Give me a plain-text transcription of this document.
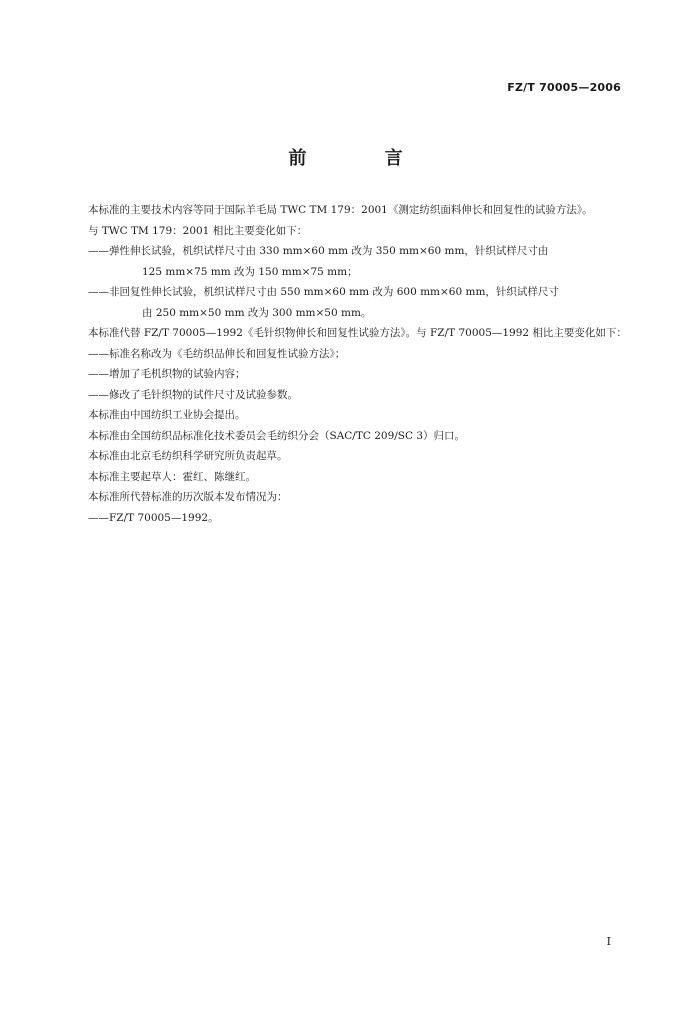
FZ/T 70005—2006
前 言

本标准的主要技术内容等同于国际羊毛局 TWC TM 179：2001《测定纺织面料伸长和回复性的试验方法》。

与 TWC TM 179：2001 相比主要变化如下：

——弹性伸长试验，机织试样尺寸由 330 mm×60 mm 改为 350 mm×60 mm，针织试样尺寸由

125 mm×75 mm 改为 150 mm×75 mm；

——非回复性伸长试验，机织试样尺寸由 550 mm×60 mm 改为 600 mm×60 mm，针织试样尺寸

由 250 mm×50 mm 改为 300 mm×50 mm。

本标准代替 FZ/T 70005—1992《毛针织物伸长和回复性试验方法》。与 FZ/T 70005—1992 相比主要变化如下：

——标准名称改为《毛纺织品伸长和回复性试验方法》；

——增加了毛机织物的试验内容；

——修改了毛针织物的试件尺寸及试验参数。

本标准由中国纺织工业协会提出。

本标准由全国纺织品标准化技术委员会毛纺织分会（SAC/TC 209/SC 3）归口。

本标准由北京毛纺织科学研究所负责起草。

本标准主要起草人：霍红、陈继红。

本标准所代替标准的历次版本发布情况为：

——FZ/T 70005—1992。

I
